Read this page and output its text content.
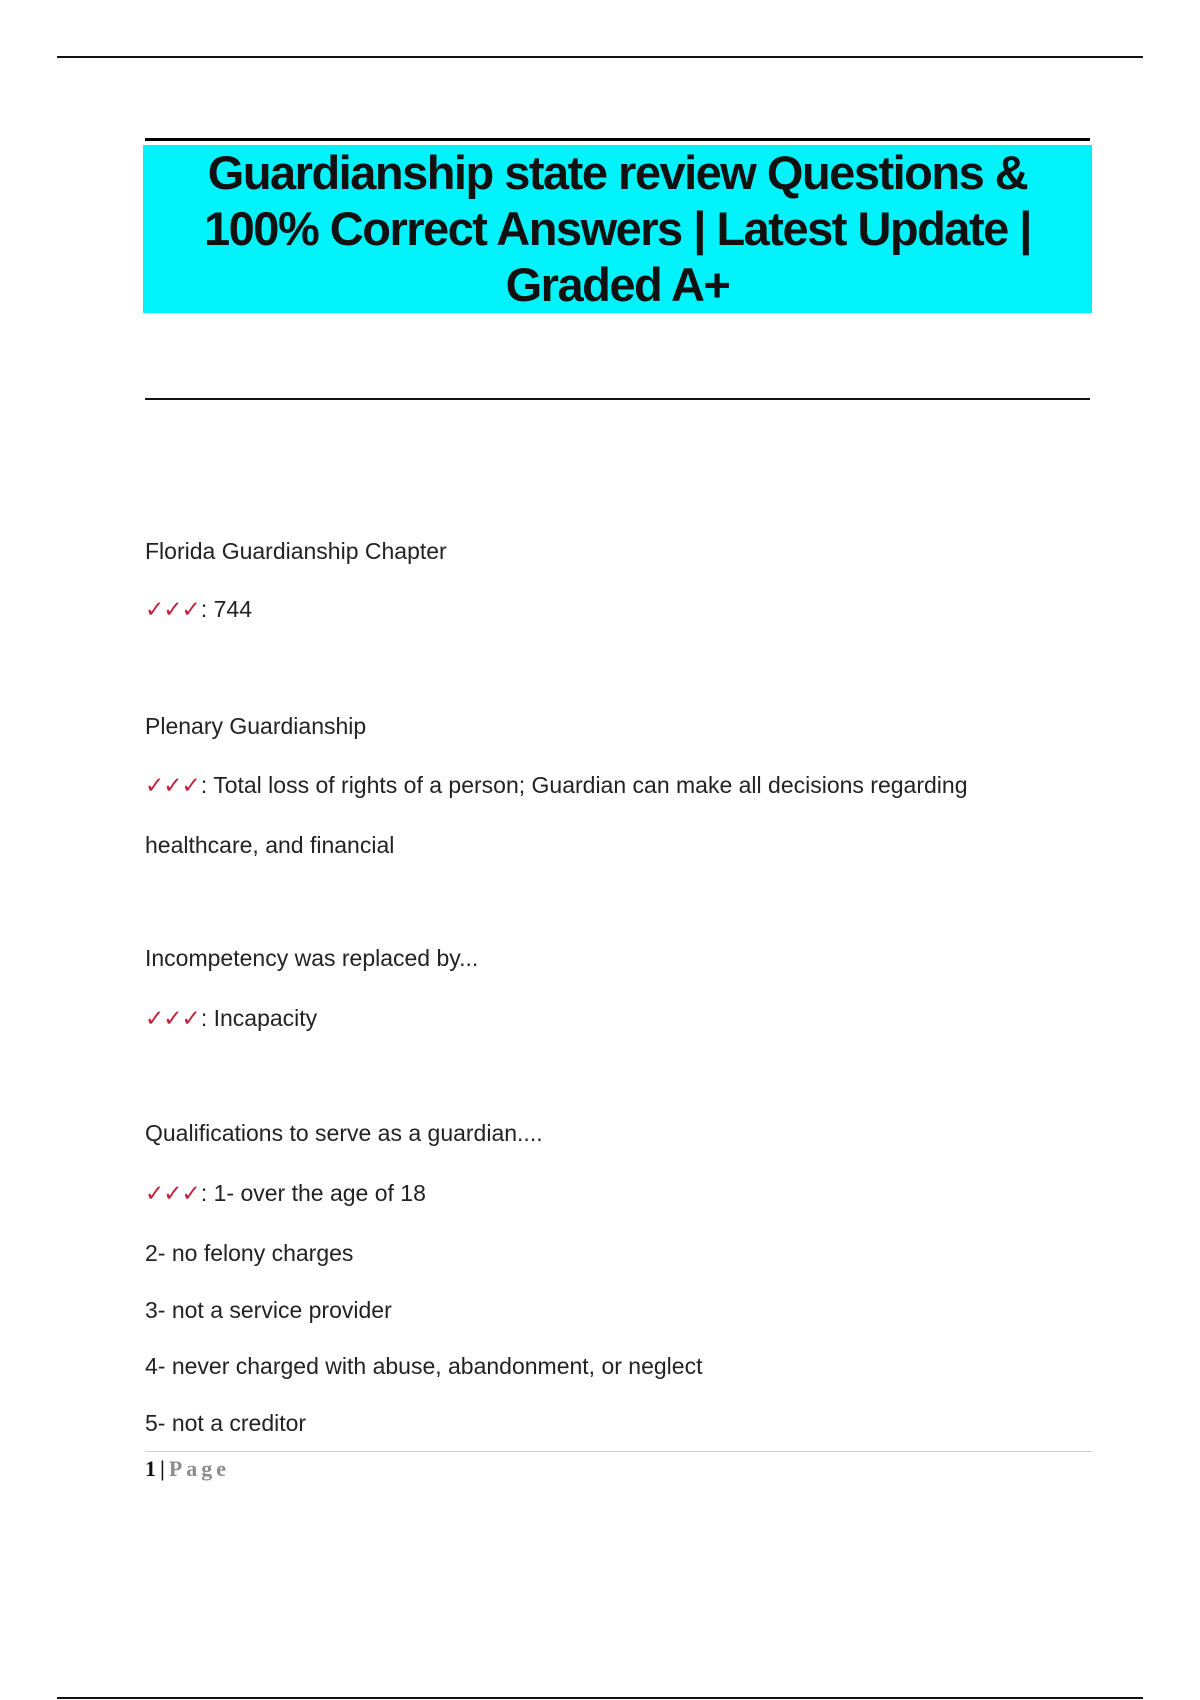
Guardianship state review Questions &
100% Correct Answers | Latest Update |
Graded A+
Florida Guardianship Chapter
✓✓✓: 744
Plenary Guardianship
✓✓✓: Total loss of rights of a person; Guardian can make all decisions regarding
healthcare, and financial
Incompetency was replaced by...
✓✓✓: Incapacity
Qualifications to serve as a guardian....
✓✓✓: 1- over the age of 18
2- no felony charges
3- not a service provider
4- never charged with abuse, abandonment, or neglect
5- not a creditor
1 | Page
